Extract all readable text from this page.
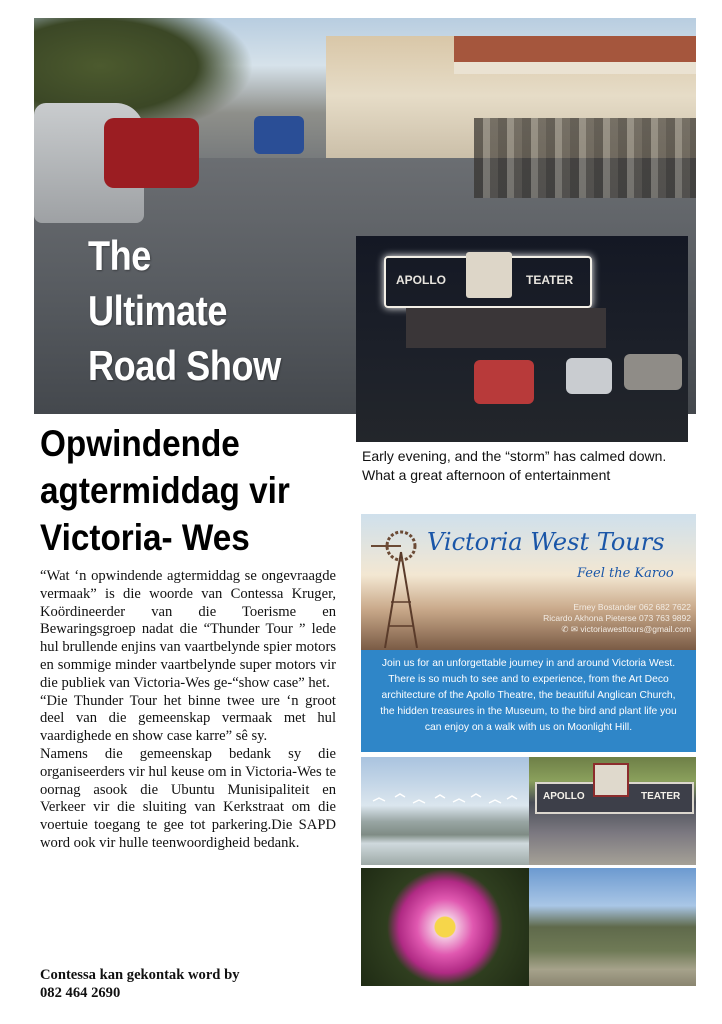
The
Ultimate
Road Show
APOLLO	TEATER
Early evening, and the “storm” has calmed down. What a great afternoon of entertainment
Opwindende
agtermiddag vir
Victoria- Wes

“Wat ‘n opwindende agtermiddag se ongevraagde vermaak” is die woorde van Contessa Kruger, Koördineerder van die Toerisme en Bewaringsgroep nadat die “Thunder Tour ” lede hul brullende enjins van vaartbelynde spier motors en sommige minder vaartbelynde super motors vir die publiek van Victoria-Wes ge-“show case” het.

“Die Thunder Tour het binne twee ure ‘n groot deel van die gemeenskap vermaak met hul vaardighede en show case karre” sê sy.

Namens die gemeenskap bedank sy die organiseerders vir hul keuse om in Victoria-Wes te oornag asook die Ubuntu Munisipaliteit en Verkeer vir die sluiting van Kerkstraat om die voertuie toegang te gee tot parkering.Die SAPD word ook vir hulle teenwoordigheid bedank.

Contessa kan gekontak word by
082 464 2690
Victoria West Tours
Feel the Karoo
Erney Bostander 062 682 7622
Ricardo Akhona Pieterse 073 763 9892
✆ ✉ victoriawesttours@gmail.com
Join us for an unforgettable journey in and around Victoria West.
There is so much to see and to experience, from the Art Deco
architecture of the Apollo Theatre, the beautiful Anglican Church,
the hidden treasures in the Museum, to the bird and plant life you
can enjoy on a walk with us on Moonlight Hill.
APOLLO	TEATER
